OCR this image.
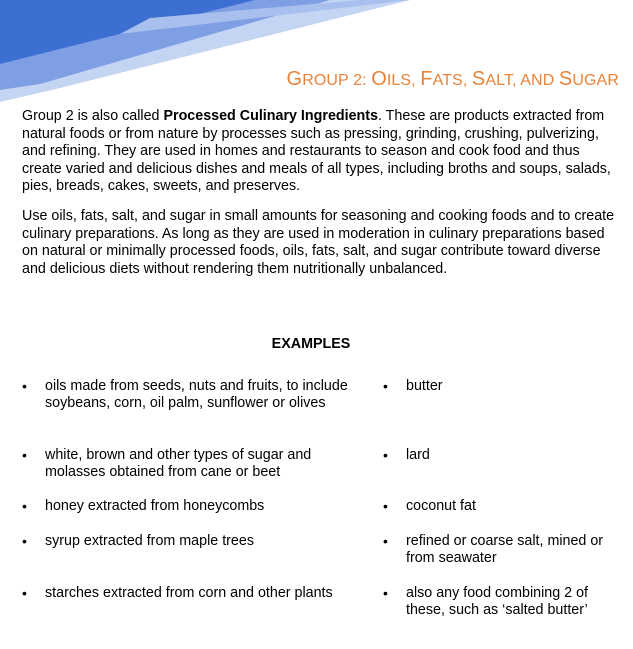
GROUP 2: OILS, FATS, SALT, AND SUGAR

Group 2 is also called Processed Culinary Ingredients. These are products extracted from natural foods or from nature by processes such as pressing, grinding, crushing, pulverizing, and refining. They are used in homes and restaurants to season and cook food and thus create varied and delicious dishes and meals of all types, including broths and soups, salads, pies, breads, cakes, sweets, and preserves.

Use oils, fats, salt, and sugar in small amounts for seasoning and cooking foods and to create culinary preparations. As long as they are used in moderation in culinary preparations based on natural or minimally processed foods, oils, fats, salt, and sugar contribute toward diverse and delicious diets without rendering them nutritionally unbalanced.

EXAMPLES
•	oils made from seeds, nuts and fruits, to include soybeans, corn, oil palm, sunflower or olives
•	white, brown and other types of sugar and molasses obtained from cane or beet
•	honey extracted from honeycombs
•	syrup extracted from maple trees
•	starches extracted from corn and other plants
•	butter
•	lard
•	coconut fat
•	refined or coarse salt, mined or from seawater
•	also any food combining 2 of these, such as ‘salted butter’
